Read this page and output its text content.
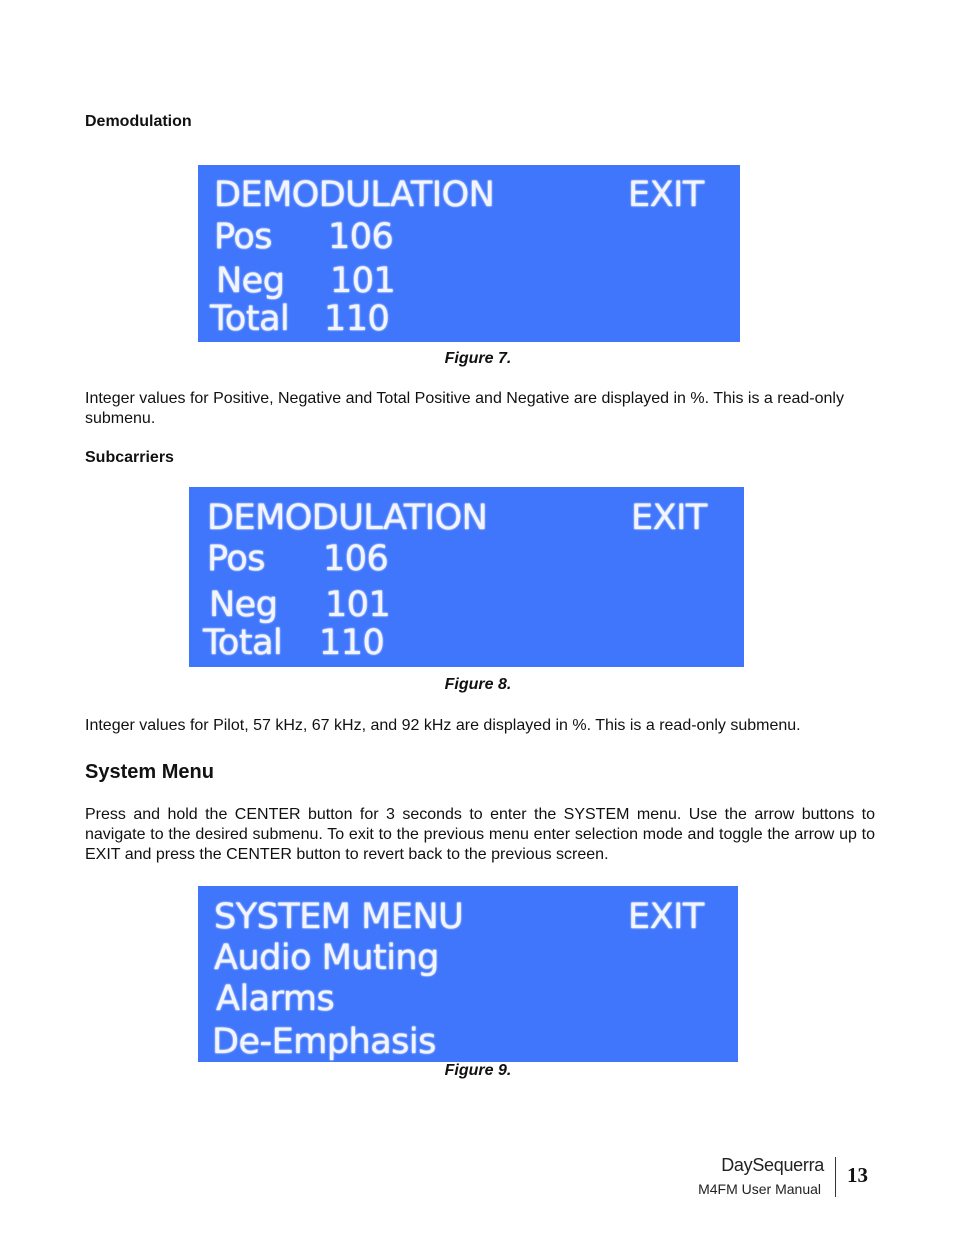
Demodulation
DEMODULATION	EXIT
Pos 106
Neg 101
Total 110
Figure 7.
Integer values for Positive, Negative and Total Positive and Negative are displayed in %. This is a read-only submenu.
Subcarriers
DEMODULATION	EXIT
Pos 106
Neg 101
Total 110
Figure 8.
Integer values for Pilot, 57 kHz, 67 kHz, and 92 kHz are displayed in %. This is a read-only submenu.
System Menu
Press and hold the CENTER button for 3 seconds to enter the SYSTEM menu. Use the arrow buttons to navigate to the desired submenu. To exit to the previous menu enter selection mode and toggle the arrow up to EXIT and press the CENTER button to revert back to the previous screen.
SYSTEM MENU	EXIT
Audio Muting
Alarms
De-Emphasis
Figure 9.
DaySequerra
M4FM User Manual
13
